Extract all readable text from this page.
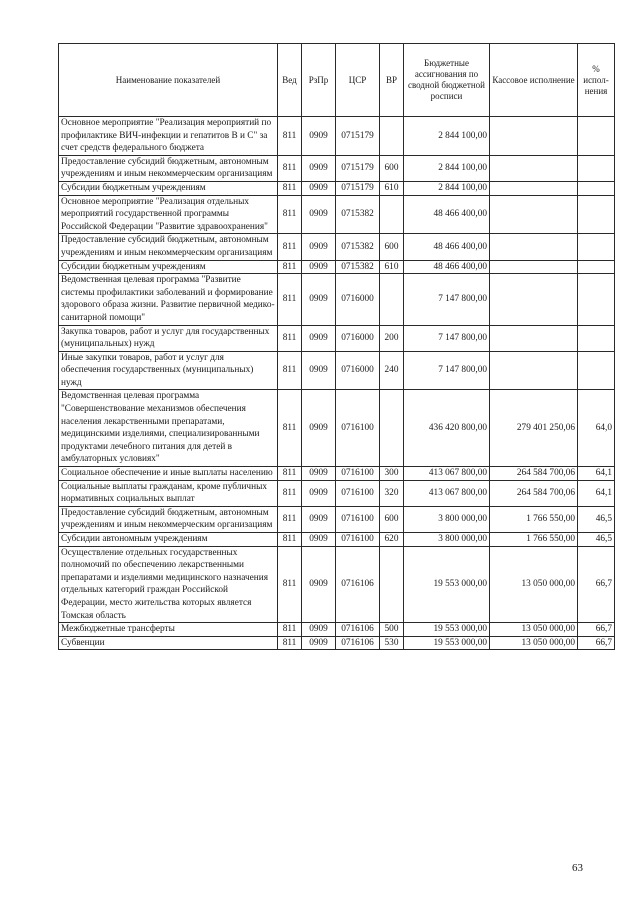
Наименование показателей	Вед	РзПр	ЦСР	ВР	Бюджетные ассигнования по сводной бюджетной росписи	Кассовое исполнение	% испол-нения
Основное мероприятие "Реализация мероприятий по профилактике ВИЧ-инфекции и гепатитов В и С" за счет средств федерального бюджета	811	0909	0715179		2 844 100,00		
Предоставление субсидий бюджетным, автономным учреждениям и иным некоммерческим организациям	811	0909	0715179	600	2 844 100,00		
Субсидии бюджетным учреждениям	811	0909	0715179	610	2 844 100,00		
Основное мероприятие "Реализация отдельных мероприятий государственной программы Российской Федерации "Развитие здравоохранения"	811	0909	0715382		48 466 400,00		
Предоставление субсидий бюджетным, автономным учреждениям и иным некоммерческим организациям	811	0909	0715382	600	48 466 400,00		
Субсидии бюджетным учреждениям	811	0909	0715382	610	48 466 400,00		
Ведомственная целевая программа "Развитие системы профилактики заболеваний и формирование здорового образа жизни. Развитие первичной медико-санитарной помощи"	811	0909	0716000		7 147 800,00		
Закупка товаров, работ и услуг для государственных (муниципальных) нужд	811	0909	0716000	200	7 147 800,00		
Иные закупки товаров, работ и услуг для обеспечения государственных (муниципальных) нужд	811	0909	0716000	240	7 147 800,00		
Ведомственная целевая программа "Совершенствование механизмов обеспечения населения лекарственными препаратами, медицинскими изделиями, специализированными продуктами лечебного питания для детей в амбулаторных условиях"	811	0909	0716100		436 420 800,00	279 401 250,06	64,0
Социальное обеспечение и иные выплаты населению	811	0909	0716100	300	413 067 800,00	264 584 700,06	64,1
Социальные выплаты гражданам, кроме публичных нормативных социальных выплат	811	0909	0716100	320	413 067 800,00	264 584 700,06	64,1
Предоставление субсидий бюджетным, автономным учреждениям и иным некоммерческим организациям	811	0909	0716100	600	3 800 000,00	1 766 550,00	46,5
Субсидии автономным учреждениям	811	0909	0716100	620	3 800 000,00	1 766 550,00	46,5
Осуществление отдельных государственных полномочий по обеспечению лекарственными препаратами и изделиями медицинского назначения отдельных категорий граждан Российской Федерации, место жительства которых является Томская область	811	0909	0716106		19 553 000,00	13 050 000,00	66,7
Межбюджетные трансферты	811	0909	0716106	500	19 553 000,00	13 050 000,00	66,7
Субвенции	811	0909	0716106	530	19 553 000,00	13 050 000,00	66,7
63
